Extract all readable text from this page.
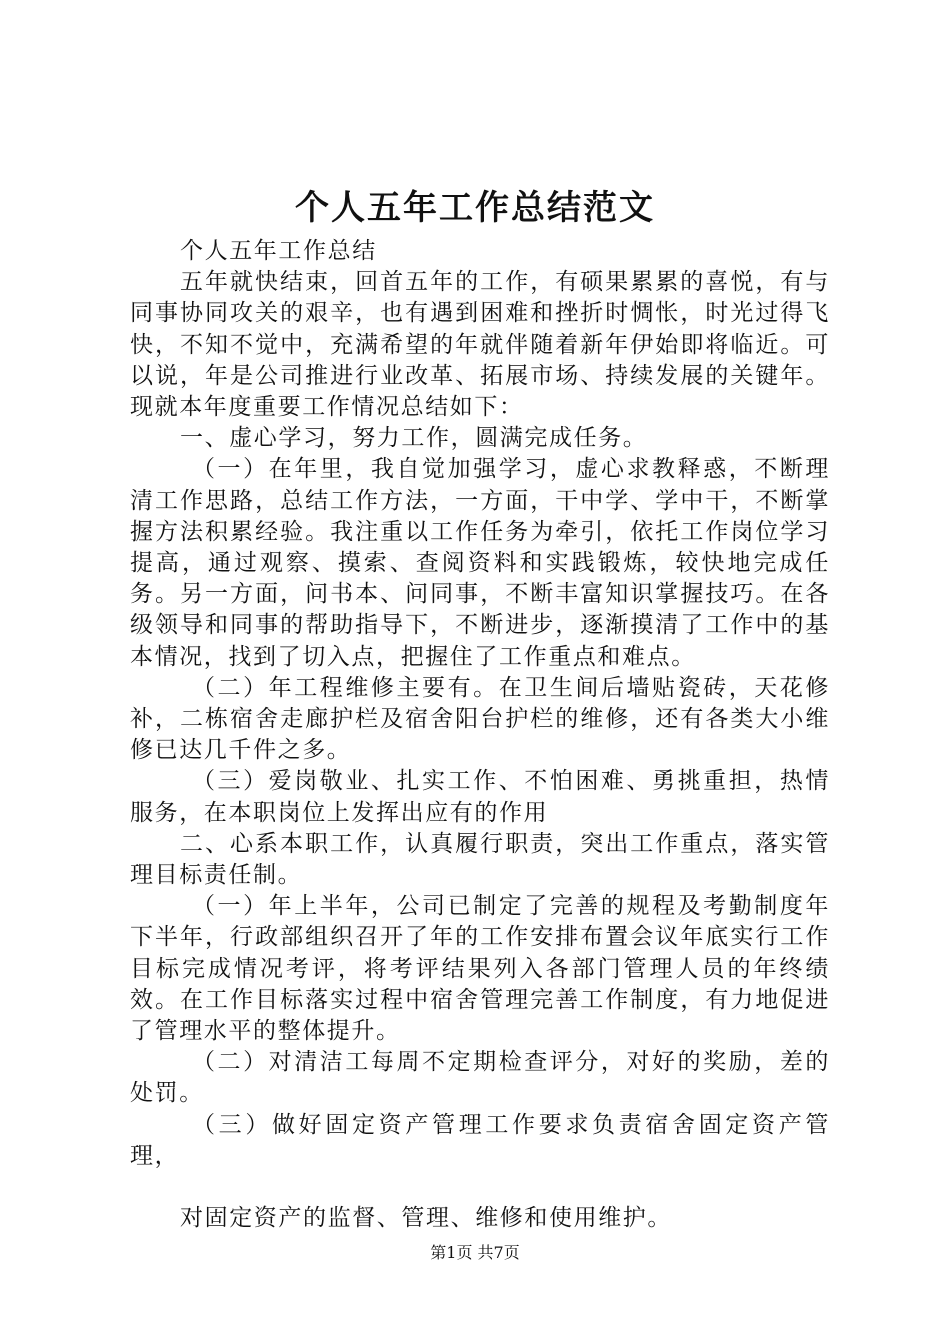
个人五年工作总结范文

个人五年工作总结

五年就快结束，回首五年的工作，有硕果累累的喜悦，有与同事协同攻关的艰辛，也有遇到困难和挫折时惆怅，时光过得飞快，不知不觉中，充满希望的年就伴随着新年伊始即将临近。可以说，年是公司推进行业改革、拓展市场、持续发展的关键年。现就本年度重要工作情况总结如下：

一、虚心学习，努力工作，圆满完成任务。

（一）在年里，我自觉加强学习，虚心求教释惑，不断理清工作思路，总结工作方法，一方面，干中学、学中干，不断掌握方法积累经验。我注重以工作任务为牵引，依托工作岗位学习提高，通过观察、摸索、查阅资料和实践锻炼，较快地完成任务。另一方面，问书本、问同事，不断丰富知识掌握技巧。在各级领导和同事的帮助指导下，不断进步，逐渐摸清了工作中的基本情况，找到了切入点，把握住了工作重点和难点。

（二）年工程维修主要有。在卫生间后墙贴瓷砖，天花修补，二栋宿舍走廊护栏及宿舍阳台护栏的维修，还有各类大小维修已达几千件之多。

（三）爱岗敬业、扎实工作、不怕困难、勇挑重担，热情服务，在本职岗位上发挥出应有的作用

二、心系本职工作，认真履行职责，突出工作重点，落实管理目标责任制。

（一）年上半年，公司已制定了完善的规程及考勤制度年下半年，行政部组织召开了年的工作安排布置会议年底实行工作目标完成情况考评，将考评结果列入各部门管理人员的年终绩效。在工作目标落实过程中宿舍管理完善工作制度，有力地促进了管理水平的整体提升。

（二）对清洁工每周不定期检查评分，对好的奖励，差的处罚。

（三）做好固定资产管理工作要求负责宿舍固定资产管理，

对固定资产的监督、管理、维修和使用维护。

第1页 共7页
